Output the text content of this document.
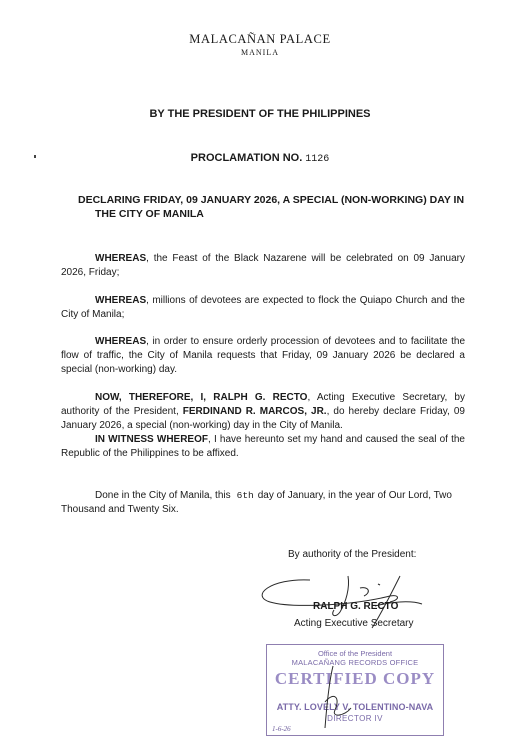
MALACAÑAN PALACE
MANILA
BY THE PRESIDENT OF THE PHILIPPINES
PROCLAMATION NO. 1126
DECLARING FRIDAY, 09 JANUARY 2026, A SPECIAL (NON-WORKING) DAY IN THE CITY OF MANILA
WHEREAS, the Feast of the Black Nazarene will be celebrated on 09 January 2026, Friday;
WHEREAS, millions of devotees are expected to flock the Quiapo Church and the City of Manila;
WHEREAS, in order to ensure orderly procession of devotees and to facilitate the flow of traffic, the City of Manila requests that Friday, 09 January 2026 be declared a special (non-working) day.
NOW, THEREFORE, I, RALPH G. RECTO, Acting Executive Secretary, by authority of the President, FERDINAND R. MARCOS, JR., do hereby declare Friday, 09 January 2026, a special (non-working) day in the City of Manila.
IN WITNESS WHEREOF, I have hereunto set my hand and caused the seal of the Republic of the Philippines to be affixed.
Done in the City of Manila, this 6th day of January, in the year of Our Lord, Two Thousand and Twenty Six.
By authority of the President:
RALPH G. RECTO
Acting Executive Secretary
Office of the President
MALACAÑANG RECORDS OFFICE
CERTIFIED COPY
ATTY. LOVELY V. TOLENTINO-NAVA
DIRECTOR IV
1-6-26
